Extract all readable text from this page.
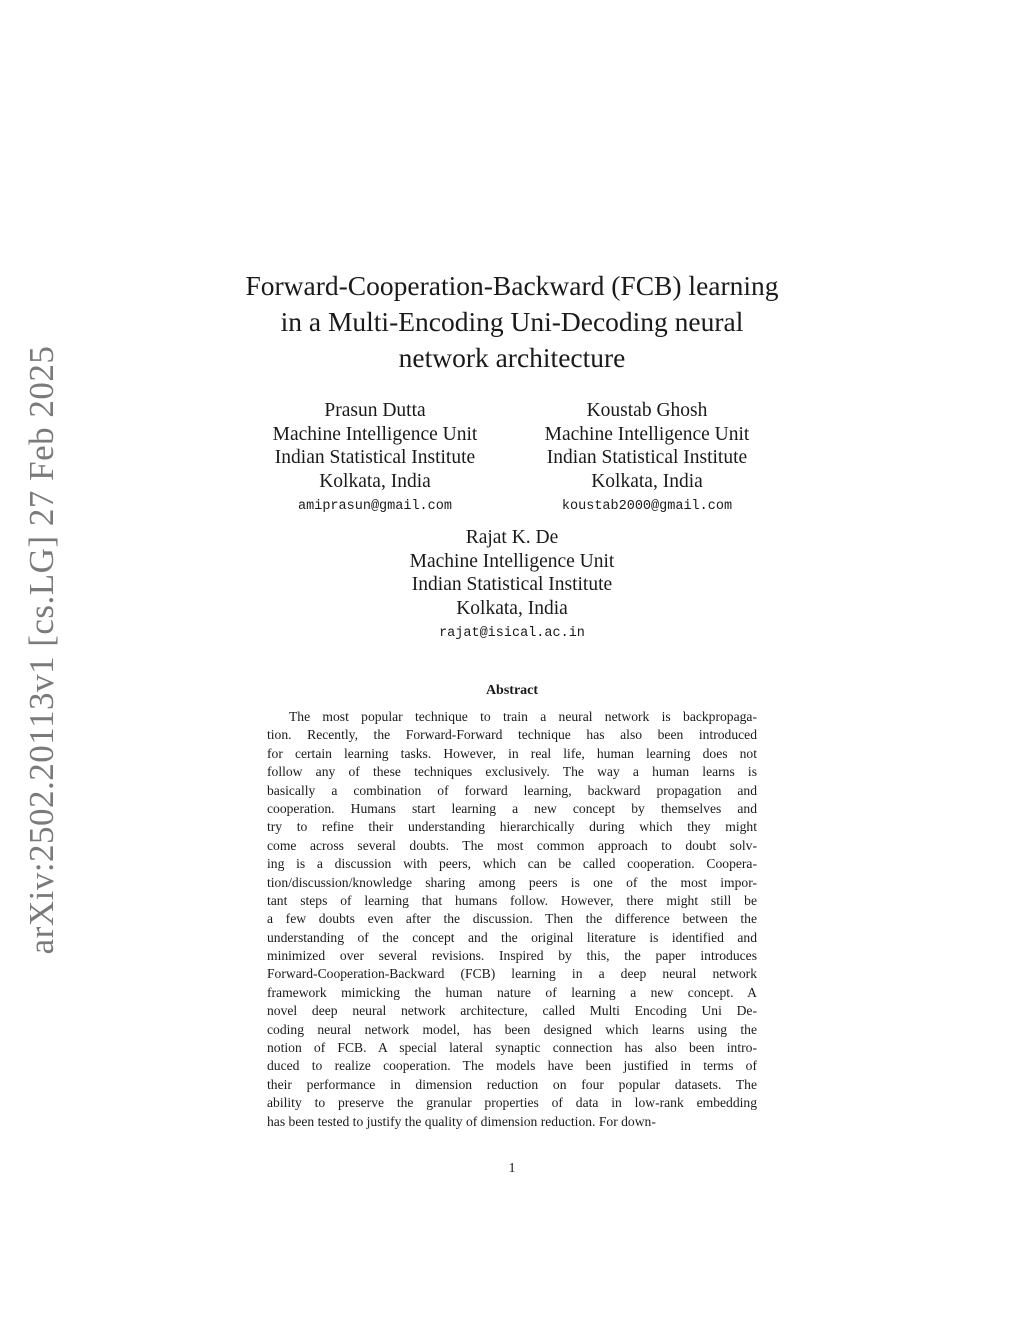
arXiv:2502.20113v1 [cs.LG] 27 Feb 2025
Forward-Cooperation-Backward (FCB) learning
in a Multi-Encoding Uni-Decoding neural
network architecture
Prasun Dutta
Machine Intelligence Unit
Indian Statistical Institute
Kolkata, India
amiprasun@gmail.com
Koustab Ghosh
Machine Intelligence Unit
Indian Statistical Institute
Kolkata, India
koustab2000@gmail.com
Rajat K. De
Machine Intelligence Unit
Indian Statistical Institute
Kolkata, India
rajat@isical.ac.in
Abstract
The most popular technique to train a neural network is backpropaga-
tion. Recently, the Forward-Forward technique has also been introduced
for certain learning tasks. However, in real life, human learning does not
follow any of these techniques exclusively. The way a human learns is
basically a combination of forward learning, backward propagation and
cooperation. Humans start learning a new concept by themselves and
try to refine their understanding hierarchically during which they might
come across several doubts. The most common approach to doubt solv-
ing is a discussion with peers, which can be called cooperation. Coopera-
tion/discussion/knowledge sharing among peers is one of the most impor-
tant steps of learning that humans follow. However, there might still be
a few doubts even after the discussion. Then the difference between the
understanding of the concept and the original literature is identified and
minimized over several revisions. Inspired by this, the paper introduces
Forward-Cooperation-Backward (FCB) learning in a deep neural network
framework mimicking the human nature of learning a new concept. A
novel deep neural network architecture, called Multi Encoding Uni De-
coding neural network model, has been designed which learns using the
notion of FCB. A special lateral synaptic connection has also been intro-
duced to realize cooperation. The models have been justified in terms of
their performance in dimension reduction on four popular datasets. The
ability to preserve the granular properties of data in low-rank embedding
has been tested to justify the quality of dimension reduction. For down-
1
